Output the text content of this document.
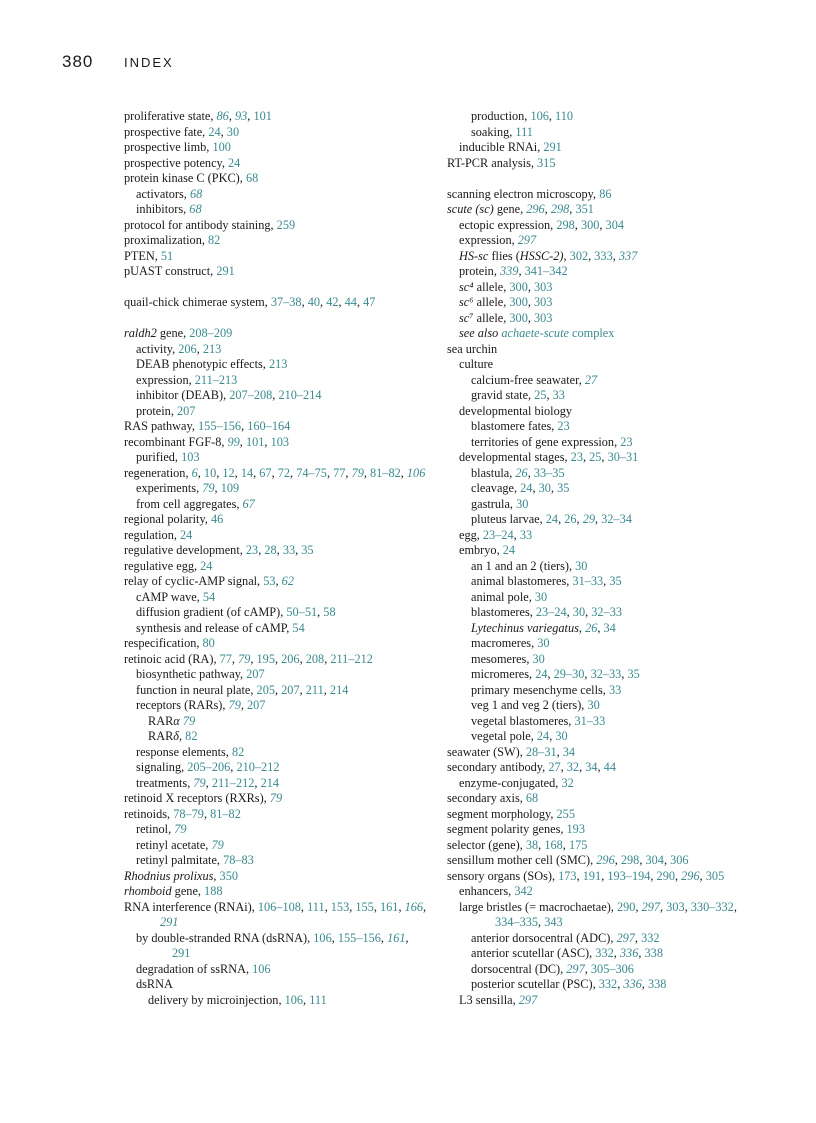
380 INDEX

proliferative state, 86, 93, 101

prospective fate, 24, 30

prospective limb, 100

prospective potency, 24

protein kinase C (PKC), 68

activators, 68

inhibitors, 68

protocol for antibody staining, 259

proximalization, 82

PTEN, 51

pUAST construct, 291

quail-chick chimerae system, 37–38, 40, 42, 44, 47

raldh2 gene, 208–209

activity, 206, 213

DEAB phenotypic effects, 213

expression, 211–213

inhibitor (DEAB), 207–208, 210–214

protein, 207

RAS pathway, 155–156, 160–164

recombinant FGF-8, 99, 101, 103

purified, 103

regeneration, 6, 10, 12, 14, 67, 72, 74–75, 77, 79, 81–82, 106

experiments, 79, 109

from cell aggregates, 67

regional polarity, 46

regulation, 24

regulative development, 23, 28, 33, 35

regulative egg, 24

relay of cyclic-AMP signal, 53, 62

cAMP wave, 54

diffusion gradient (of cAMP), 50–51, 58

synthesis and release of cAMP, 54

respecification, 80

retinoic acid (RA), 77, 79, 195, 206, 208, 211–212

biosynthetic pathway, 207

function in neural plate, 205, 207, 211, 214

receptors (RARs), 79, 207

RARα 79

RARδ, 82

response elements, 82

signaling, 205–206, 210–212

treatments, 79, 211–212, 214

retinoid X receptors (RXRs), 79

retinoids, 78–79, 81–82

retinol, 79

retinyl acetate, 79

retinyl palmitate, 78–83

Rhodnius prolixus, 350

rhomboid gene, 188

RNA interference (RNAi), 106–108, 111, 153, 155, 161, 166, 291

by double-stranded RNA (dsRNA), 106, 155–156, 161, 291

degradation of ssRNA, 106

dsRNA

delivery by microinjection, 106, 111

production, 106, 110

soaking, 111

inducible RNAi, 291

RT-PCR analysis, 315

scanning electron microscopy, 86

scute (sc) gene, 296, 298, 351

ectopic expression, 298, 300, 304

expression, 297

HS-sc flies (HSSC-2), 302, 333, 337

protein, 339, 341–342

sc⁴ allele, 300, 303

sc⁶ allele, 300, 303

sc⁷ allele, 300, 303

see also achaete-scute complex

sea urchin

culture

calcium-free seawater, 27

gravid state, 25, 33

developmental biology

blastomere fates, 23

territories of gene expression, 23

developmental stages, 23, 25, 30–31

blastula, 26, 33–35

cleavage, 24, 30, 35

gastrula, 30

pluteus larvae, 24, 26, 29, 32–34

egg, 23–24, 33

embryo, 24

an 1 and an 2 (tiers), 30

animal blastomeres, 31–33, 35

animal pole, 30

blastomeres, 23–24, 30, 32–33

Lytechinus variegatus, 26, 34

macromeres, 30

mesomeres, 30

micromeres, 24, 29–30, 32–33, 35

primary mesenchyme cells, 33

veg 1 and veg 2 (tiers), 30

vegetal blastomeres, 31–33

vegetal pole, 24, 30

seawater (SW), 28–31, 34

secondary antibody, 27, 32, 34, 44

enzyme-conjugated, 32

secondary axis, 68

segment morphology, 255

segment polarity genes, 193

selector (gene), 38, 168, 175

sensillum mother cell (SMC), 296, 298, 304, 306

sensory organs (SOs), 173, 191, 193–194, 290, 296, 305

enhancers, 342

large bristles (= macrochaetae), 290, 297, 303, 330–332, 334–335, 343

anterior dorsocentral (ADC), 297, 332

anterior scutellar (ASC), 332, 336, 338

dorsocentral (DC), 297, 305–306

posterior scutellar (PSC), 332, 336, 338

L3 sensilla, 297
